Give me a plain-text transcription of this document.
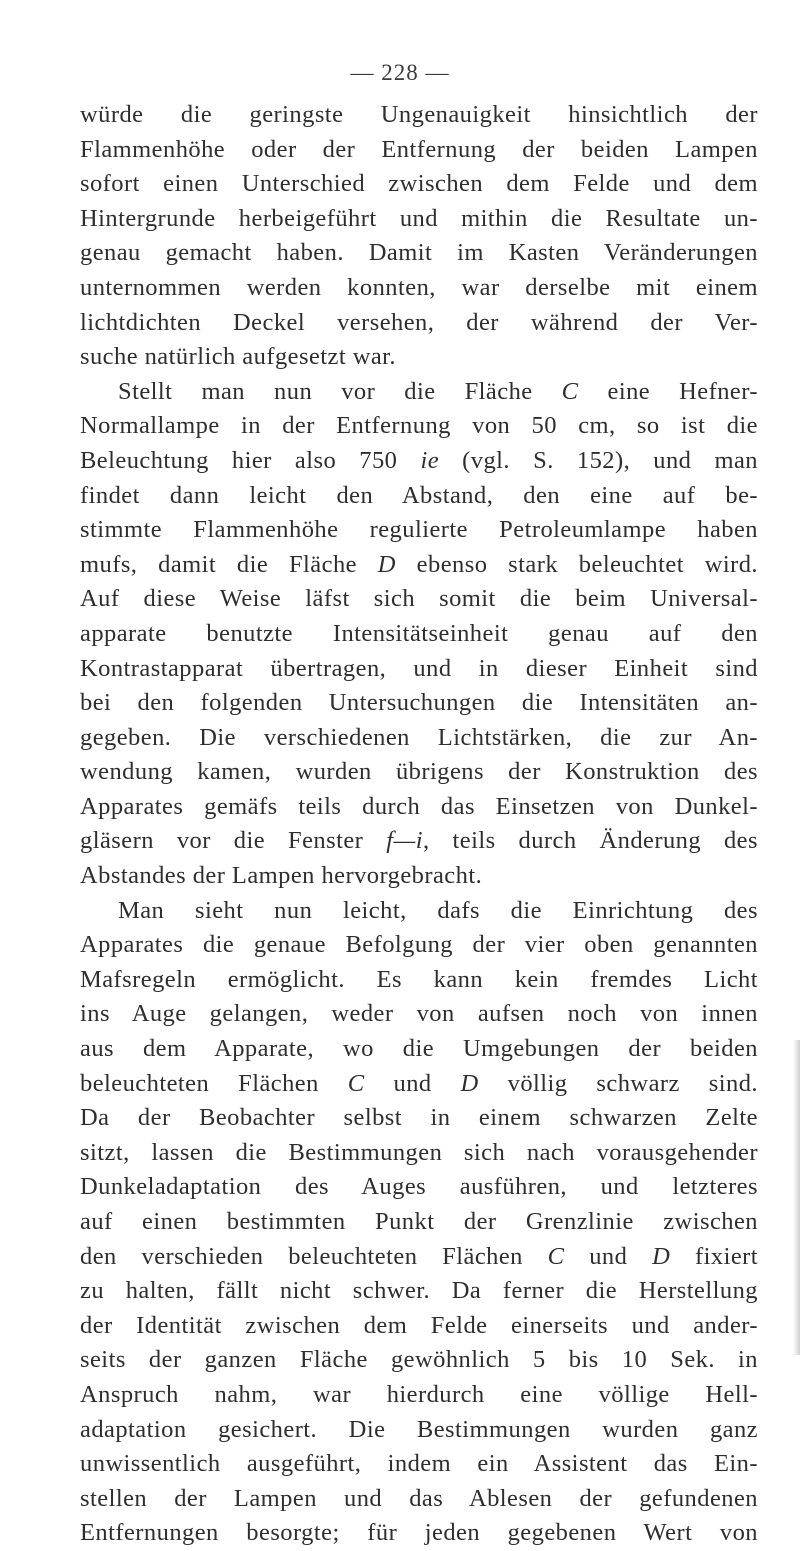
— 228 —
würde die geringste Ungenauigkeit hinsichtlich der
Flammenhöhe oder der Entfernung der beiden Lampen
sofort einen Unterschied zwischen dem Felde und dem
Hintergrunde herbeigeführt und mithin die Resultate un-
genau gemacht haben. Damit im Kasten Veränderungen
unternommen werden konnten, war derselbe mit einem
lichtdichten Deckel versehen, der während der Ver-
suche natürlich aufgesetzt war.
Stellt man nun vor die Fläche C eine Hefner-
Normallampe in der Entfernung von 50 cm, so ist die
Beleuchtung hier also 750 ie (vgl. S. 152), und man
findet dann leicht den Abstand, den eine auf be-
stimmte Flammenhöhe regulierte Petroleumlampe haben
mufs, damit die Fläche D ebenso stark beleuchtet wird.
Auf diese Weise läfst sich somit die beim Universal-
apparate benutzte Intensitätseinheit genau auf den
Kontrastapparat übertragen, und in dieser Einheit sind
bei den folgenden Untersuchungen die Intensitäten an-
gegeben. Die verschiedenen Lichtstärken, die zur An-
wendung kamen, wurden übrigens der Konstruktion des
Apparates gemäfs teils durch das Einsetzen von Dunkel-
gläsern vor die Fenster f—i, teils durch Änderung des
Abstandes der Lampen hervorgebracht.
Man sieht nun leicht, dafs die Einrichtung des
Apparates die genaue Befolgung der vier oben genannten
Mafsregeln ermöglicht. Es kann kein fremdes Licht
ins Auge gelangen, weder von aufsen noch von innen
aus dem Apparate, wo die Umgebungen der beiden
beleuchteten Flächen C und D völlig schwarz sind.
Da der Beobachter selbst in einem schwarzen Zelte
sitzt, lassen die Bestimmungen sich nach vorausgehender
Dunkeladaptation des Auges ausführen, und letzteres
auf einen bestimmten Punkt der Grenzlinie zwischen
den verschieden beleuchteten Flächen C und D fixiert
zu halten, fällt nicht schwer. Da ferner die Herstellung
der Identität zwischen dem Felde einerseits und ander-
seits der ganzen Fläche gewöhnlich 5 bis 10 Sek. in
Anspruch nahm, war hierdurch eine völlige Hell-
adaptation gesichert. Die Bestimmungen wurden ganz
unwissentlich ausgeführt, indem ein Assistent das Ein-
stellen der Lampen und das Ablesen der gefundenen
Entfernungen besorgte; für jeden gegebenen Wert von
